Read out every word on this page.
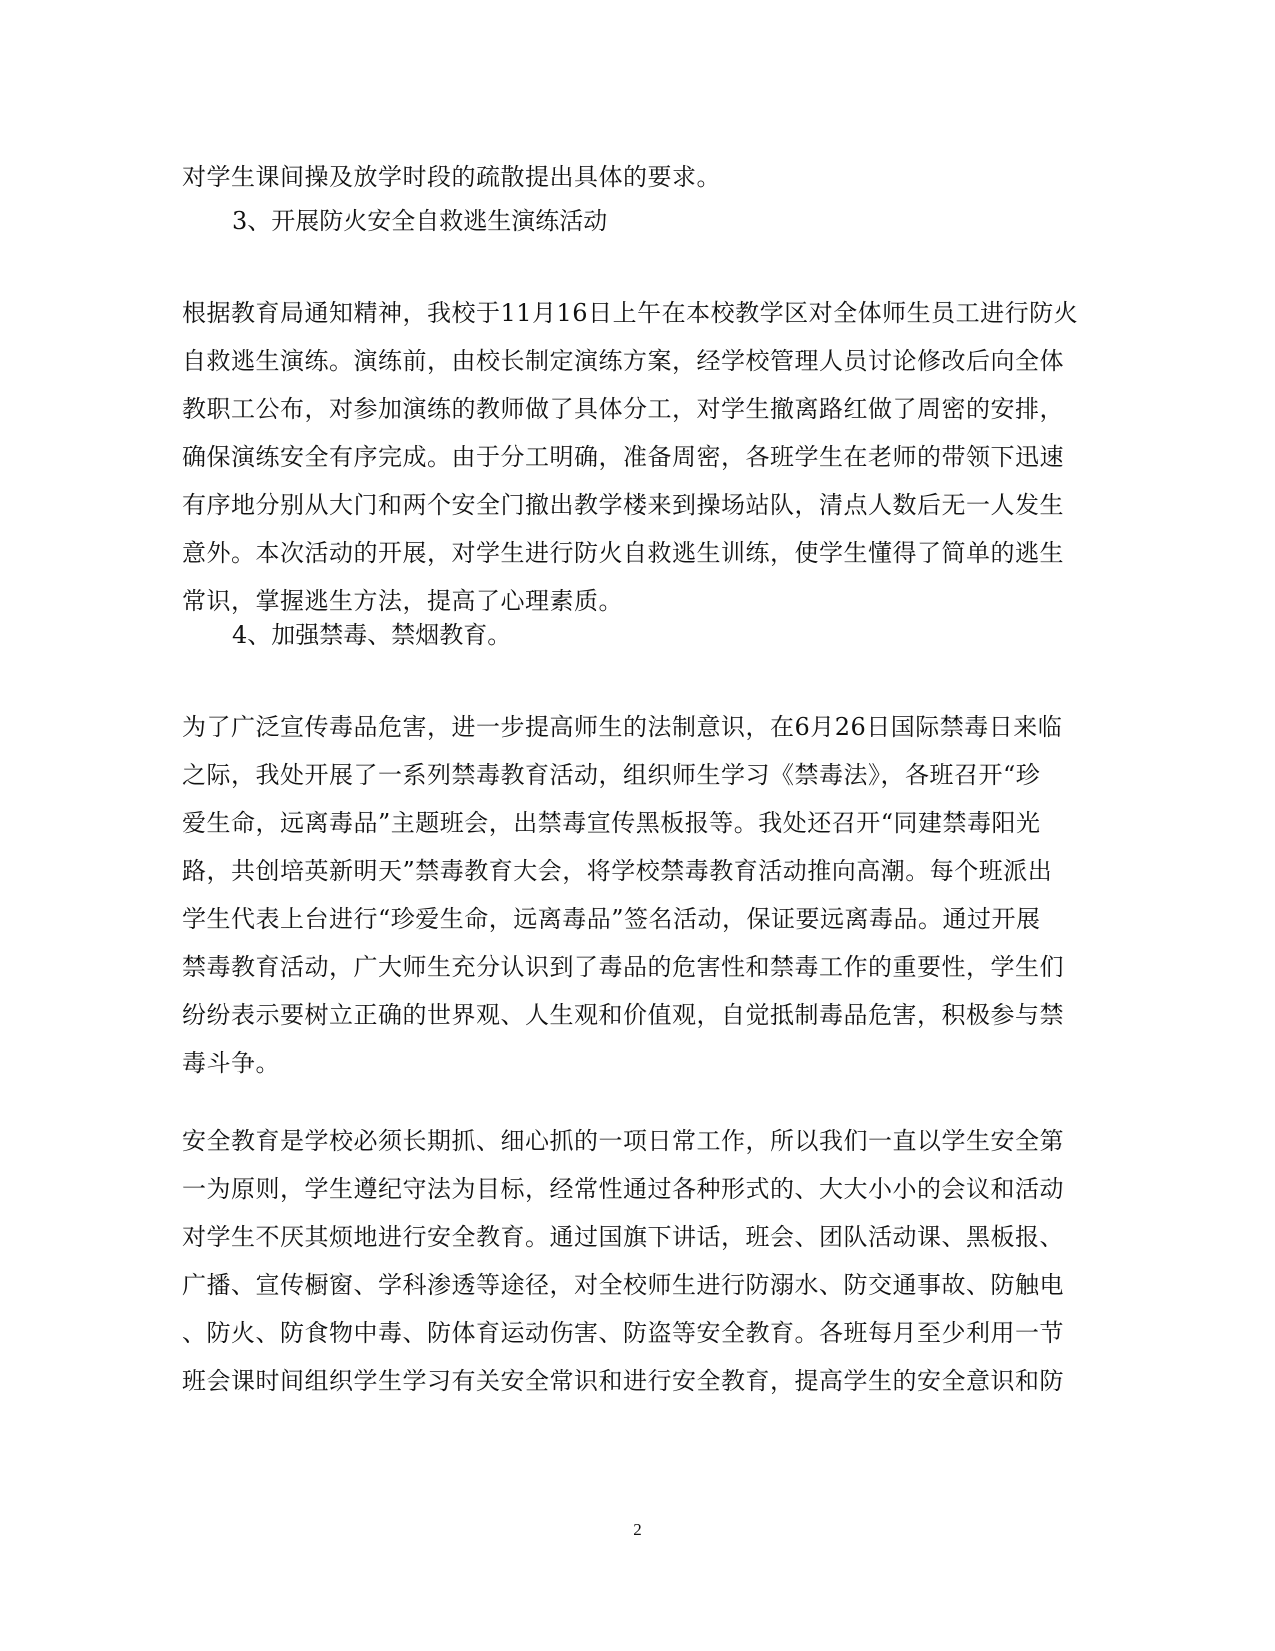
对学生课间操及放学时段的疏散提出具体的要求。
3、开展防火安全自救逃生演练活动
根据教育局通知精神，我校于11月16日上午在本校教学区对全体师生员工进行防火
自救逃生演练。演练前，由校长制定演练方案，经学校管理人员讨论修改后向全体
教职工公布，对参加演练的教师做了具体分工，对学生撤离路红做了周密的安排，
确保演练安全有序完成。由于分工明确，准备周密，各班学生在老师的带领下迅速
有序地分别从大门和两个安全门撤出教学楼来到操场站队，清点人数后无一人发生
意外。本次活动的开展，对学生进行防火自救逃生训练，使学生懂得了简单的逃生
常识，掌握逃生方法，提高了心理素质。
4、加强禁毒、禁烟教育。
为了广泛宣传毒品危害，进一步提高师生的法制意识，在6月26日国际禁毒日来临
之际，我处开展了一系列禁毒教育活动，组织师生学习《禁毒法》，各班召开“珍
爱生命，远离毒品”主题班会，出禁毒宣传黑板报等。我处还召开“同建禁毒阳光
路，共创培英新明天”禁毒教育大会，将学校禁毒教育活动推向高潮。每个班派出
学生代表上台进行“珍爱生命，远离毒品”签名活动，保证要远离毒品。通过开展
禁毒教育活动，广大师生充分认识到了毒品的危害性和禁毒工作的重要性，学生们
纷纷表示要树立正确的世界观、人生观和价值观，自觉抵制毒品危害，积极参与禁
毒斗争。
安全教育是学校必须长期抓、细心抓的一项日常工作，所以我们一直以学生安全第
一为原则，学生遵纪守法为目标，经常性通过各种形式的、大大小小的会议和活动
对学生不厌其烦地进行安全教育。通过国旗下讲话，班会、团队活动课、黑板报、
广播、宣传橱窗、学科渗透等途径，对全校师生进行防溺水、防交通事故、防触电
、防火、防食物中毒、防体育运动伤害、防盗等安全教育。各班每月至少利用一节
班会课时间组织学生学习有关安全常识和进行安全教育，提高学生的安全意识和防
2
